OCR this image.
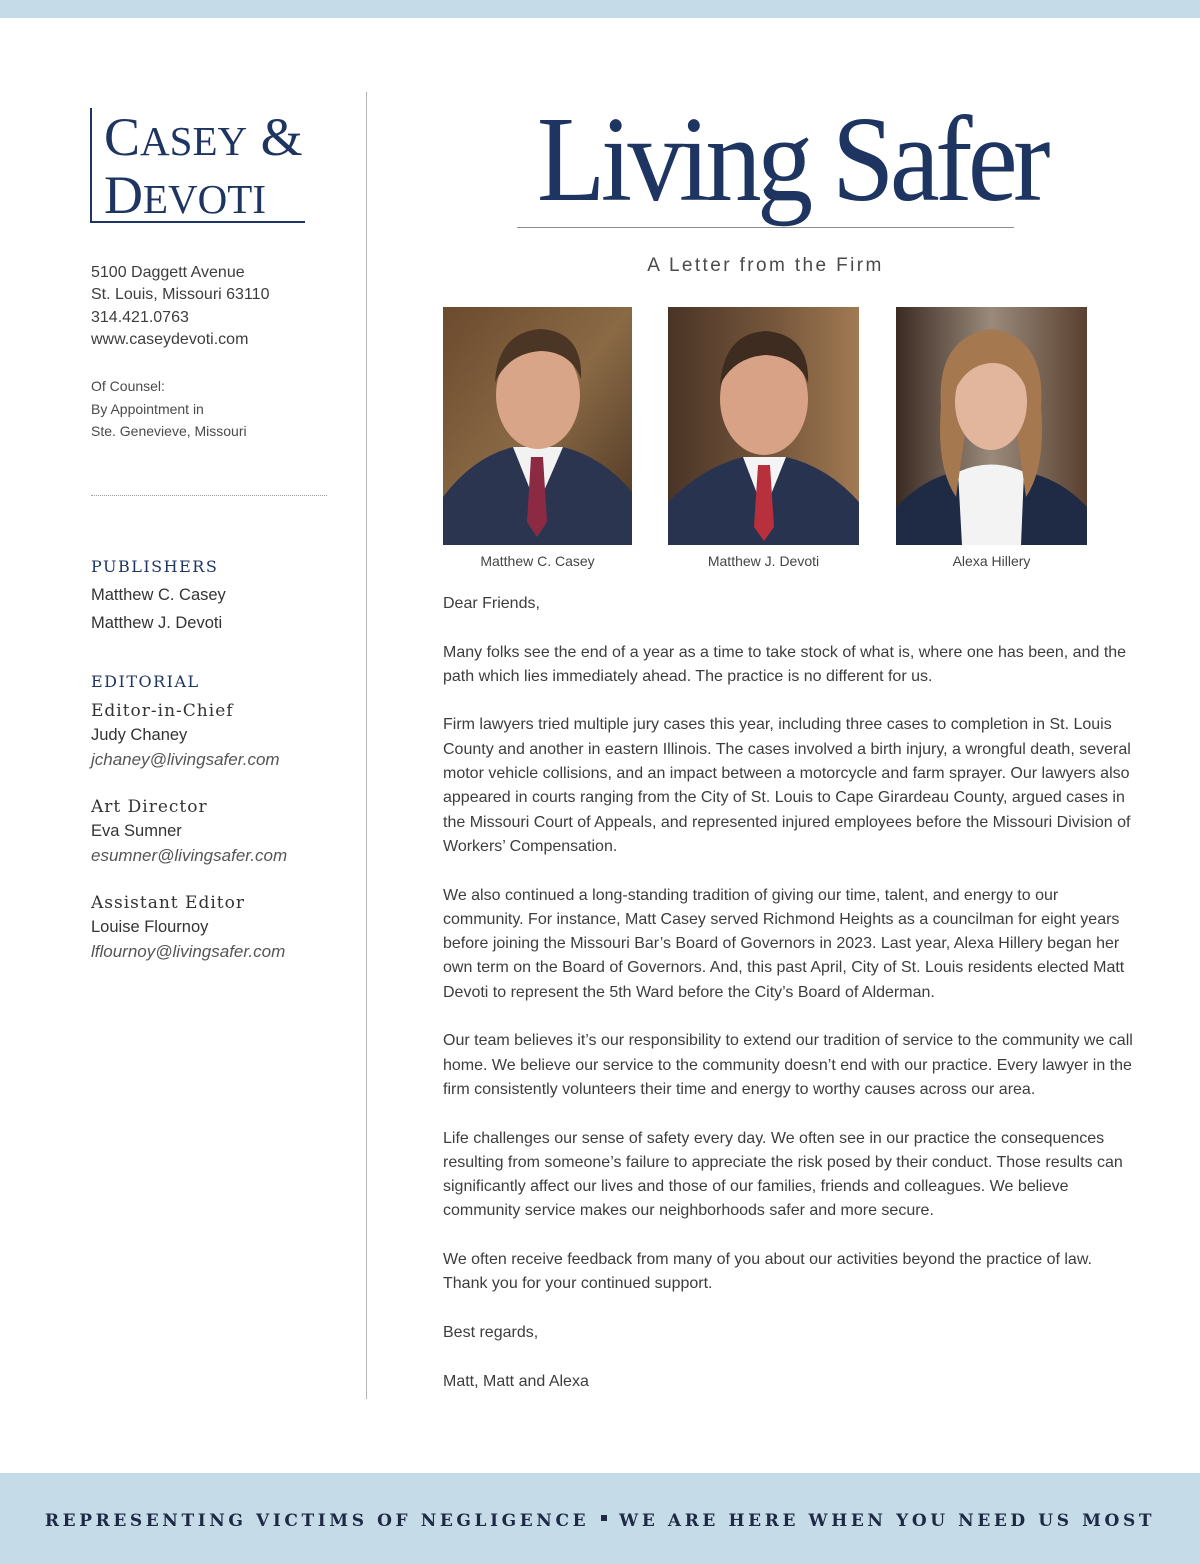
CASEY &
DEVOTI
5100 Daggett Avenue
St. Louis, Missouri 63110
314.421.0763
www.caseydevoti.com
Of Counsel:
By Appointment in
Ste. Genevieve, Missouri
PUBLISHERS
Matthew C. Casey
Matthew J. Devoti
EDITORIAL
Editor-in-Chief
Judy Chaney
jchaney@livingsafer.com
Art Director
Eva Sumner
esumner@livingsafer.com
Assistant Editor
Louise Flournoy
lflournoy@livingsafer.com
Living Safer
A Letter from the Firm
Matthew C. Casey	Matthew J. Devoti	Alexa Hillery

Dear Friends,

Many folks see the end of a year as a time to take stock of what is, where one has been, and the path which lies immediately ahead. The practice is no different for us.

Firm lawyers tried multiple jury cases this year, including three cases to completion in St. Louis County and another in eastern Illinois. The cases involved a birth injury, a wrongful death, several motor vehicle collisions, and an impact between a motorcycle and farm sprayer. Our lawyers also appeared in courts ranging from the City of St. Louis to Cape Girardeau County, argued cases in the Missouri Court of Appeals, and represented injured employees before the Missouri Division of Workers’ Compensation.

We also continued a long-standing tradition of giving our time, talent, and energy to our community. For instance, Matt Casey served Richmond Heights as a councilman for eight years before joining the Missouri Bar’s Board of Governors in 2023. Last year, Alexa Hillery began her own term on the Board of Governors. And, this past April, City of St. Louis residents elected Matt Devoti to represent the 5th Ward before the City’s Board of Alderman.

Our team believes it’s our responsibility to extend our tradition of service to the community we call home. We believe our service to the community doesn’t end with our practice. Every lawyer in the firm consistently volunteers their time and energy to worthy causes across our area.

Life challenges our sense of safety every day. We often see in our practice the consequences resulting from someone’s failure to appreciate the risk posed by their conduct. Those results can significantly affect our lives and those of our families, friends and colleagues. We believe community service makes our neighborhoods safer and more secure.

We often receive feedback from many of you about our activities beyond the practice of law. Thank you for your continued support.

Best regards,

Matt, Matt and Alexa

REPRESENTING VICTIMS OF NEGLIGENCE WE ARE HERE WHEN YOU NEED US MOST
